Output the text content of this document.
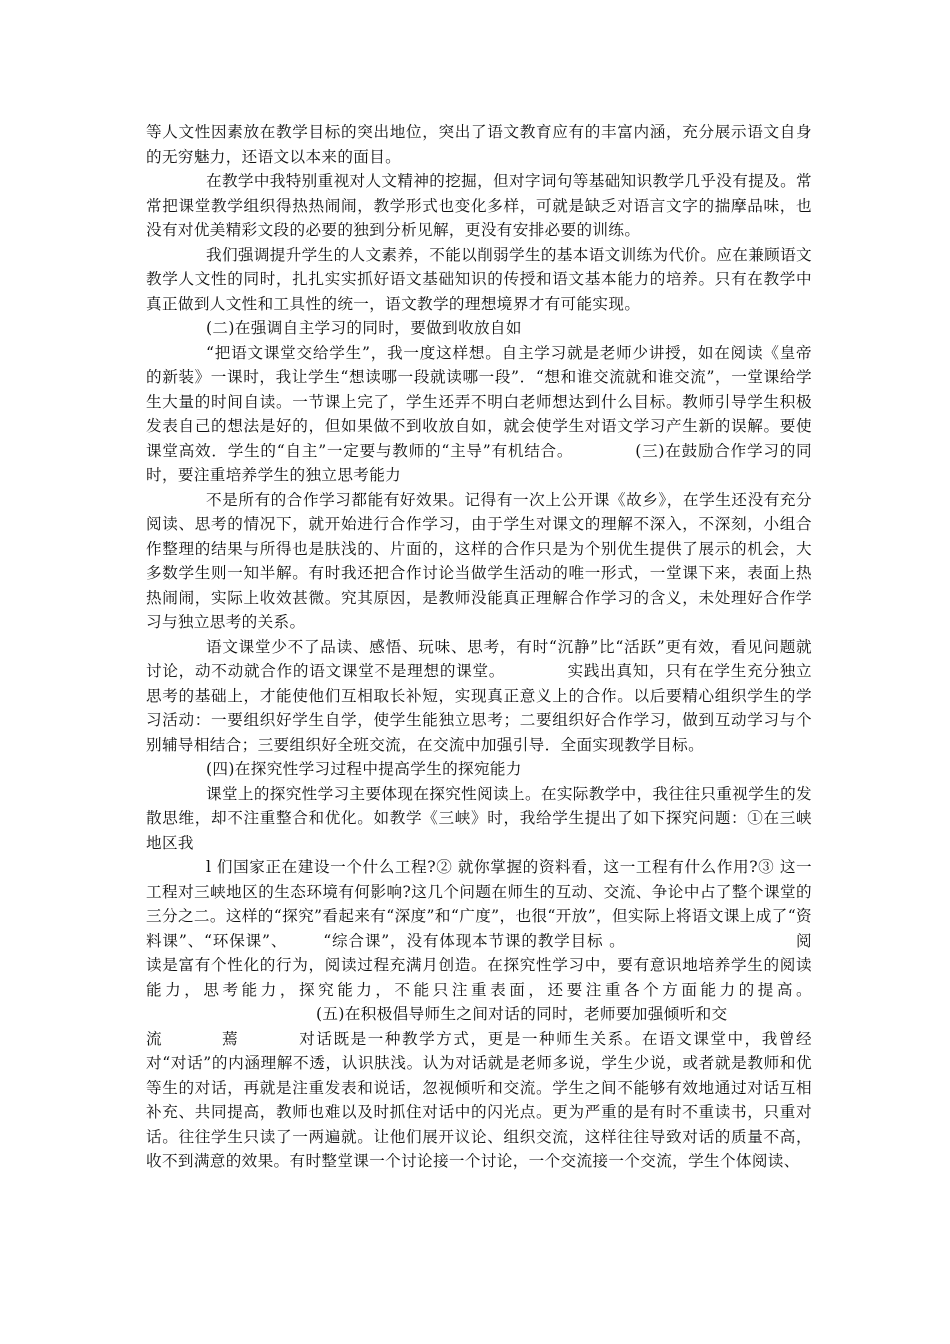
等人文性因素放在教学目标的突出地位，突出了语文教育应有的丰富内涵，充分展示语文自身的无穷魅力，还语文以本来的面目。

在教学中我特别重视对人文精神的挖掘，但对字词句等基础知识教学几乎没有提及。常常把课堂教学组织得热热闹闹，教学形式也变化多样，可就是缺乏对语言文字的揣摩品味，也没有对优美精彩文段的必要的独到分析见解，更没有安排必要的训练。

我们强调提升学生的人文素养，不能以削弱学生的基本语文训练为代价。应在兼顾语文教学人文性的同时，扎扎实实抓好语文基础知识的传授和语文基本能力的培养。只有在教学中真正做到人文性和工具性的统一，语文教学的理想境界才有可能实现。

(二)在强调自主学习的同时，要做到收放自如

“把语文课堂交给学生”，我一度这样想。自主学习就是老师少讲授，如在阅读《皇帝的新装》一课时，我让学生“想读哪一段就读哪一段”．“想和谁交流就和谁交流”，一堂课给学生大量的时间自读。一节课上完了，学生还弄不明白老师想达到什么目标。教师引导学生积极发表自己的想法是好的，但如果做不到收放自如，就会使学生对语文学习产生新的误解。要使课堂高效．学生的“自主”一定要与教师的“主导”有机结合。	(三)在鼓励合作学习的同时，要注重培养学生的独立思考能力

不是所有的合作学习都能有好效果。记得有一次上公开课《故乡》，在学生还没有充分阅读、思考的情况下，就开始进行合作学习，由于学生对课文的理解不深入，不深刻，小组合作整理的结果与所得也是肤浅的、片面的，这样的合作只是为个别优生提供了展示的机会，大多数学生则一知半解。有时我还把合作讨论当做学生活动的唯一形式，一堂课下来，表面上热热闹闹，实际上收效甚微。究其原因，是教师没能真正理解合作学习的含义，未处理好合作学习与独立思考的关系。

语文课堂少不了品读、感悟、玩味、思考，有时“沉静”比“活跃”更有效，看见问题就讨论，动不动就合作的语文课堂不是理想的课堂。	实践出真知，只有在学生充分独立思考的基础上，才能使他们互相取长补短，实现真正意义上的合作。以后要精心组织学生的学习活动：一要组织好学生自学，使学生能独立思考；二要组织好合作学习，做到互动学习与个别辅导相结合；三要组织好全班交流，在交流中加强引导．全面实现教学目标。

(四)在探究性学习过程中提高学生的探宛能力

课堂上的探究性学习主要体现在探究性阅读上。在实际教学中，我往往只重视学生的发散思维，却不注重整合和优化。如教学《三峡》时，我给学生提出了如下探究问题：①在三峡地区我

l 们国家正在建设一个什么工程?② 就你掌握的资料看，这一工程有什么作用?③ 这一工程对三峡地区的生态环境有何影响?这几个问题在师生的互动、交流、争论中占了整个课堂的三分之二。这样的“探究”看起来有“深度”和“广度”，也很“开放”，但实际上将语文课上成了“资料课”、“环保课”、 “综合课”，没有体现本节课的教学目标 。	阅读是富有个性化的行为，阅读过程充满月创造。在探究性学习中，要有意识地培养学生的阅读能力，思考能力，探究能力，不能只注重表面，还要注重各个方面能力的提高。(五)在积极倡导师生之间对话的同时，老师要加强倾听和交

流	蔫	对话既是一种教学方式，更是一种师生关系。在语文课堂中，我曾经对“对话”的内涵理解不透，认识肤浅。认为对话就是老师多说，学生少说，或者就是教师和优等生的对话，再就是注重发表和说话，忽视倾听和交流。学生之间不能够有效地通过对话互相补充、共同提高，教师也难以及时抓住对话中的闪光点。更为严重的是有时不重读书，只重对话。往往学生只读了一两遍就。让他们展开议论、组织交流，这样往往导致对话的质量不高，收不到满意的效果。有时整堂课一个讨论接一个讨论，一个交流接一个交流，学生个体阅读、
